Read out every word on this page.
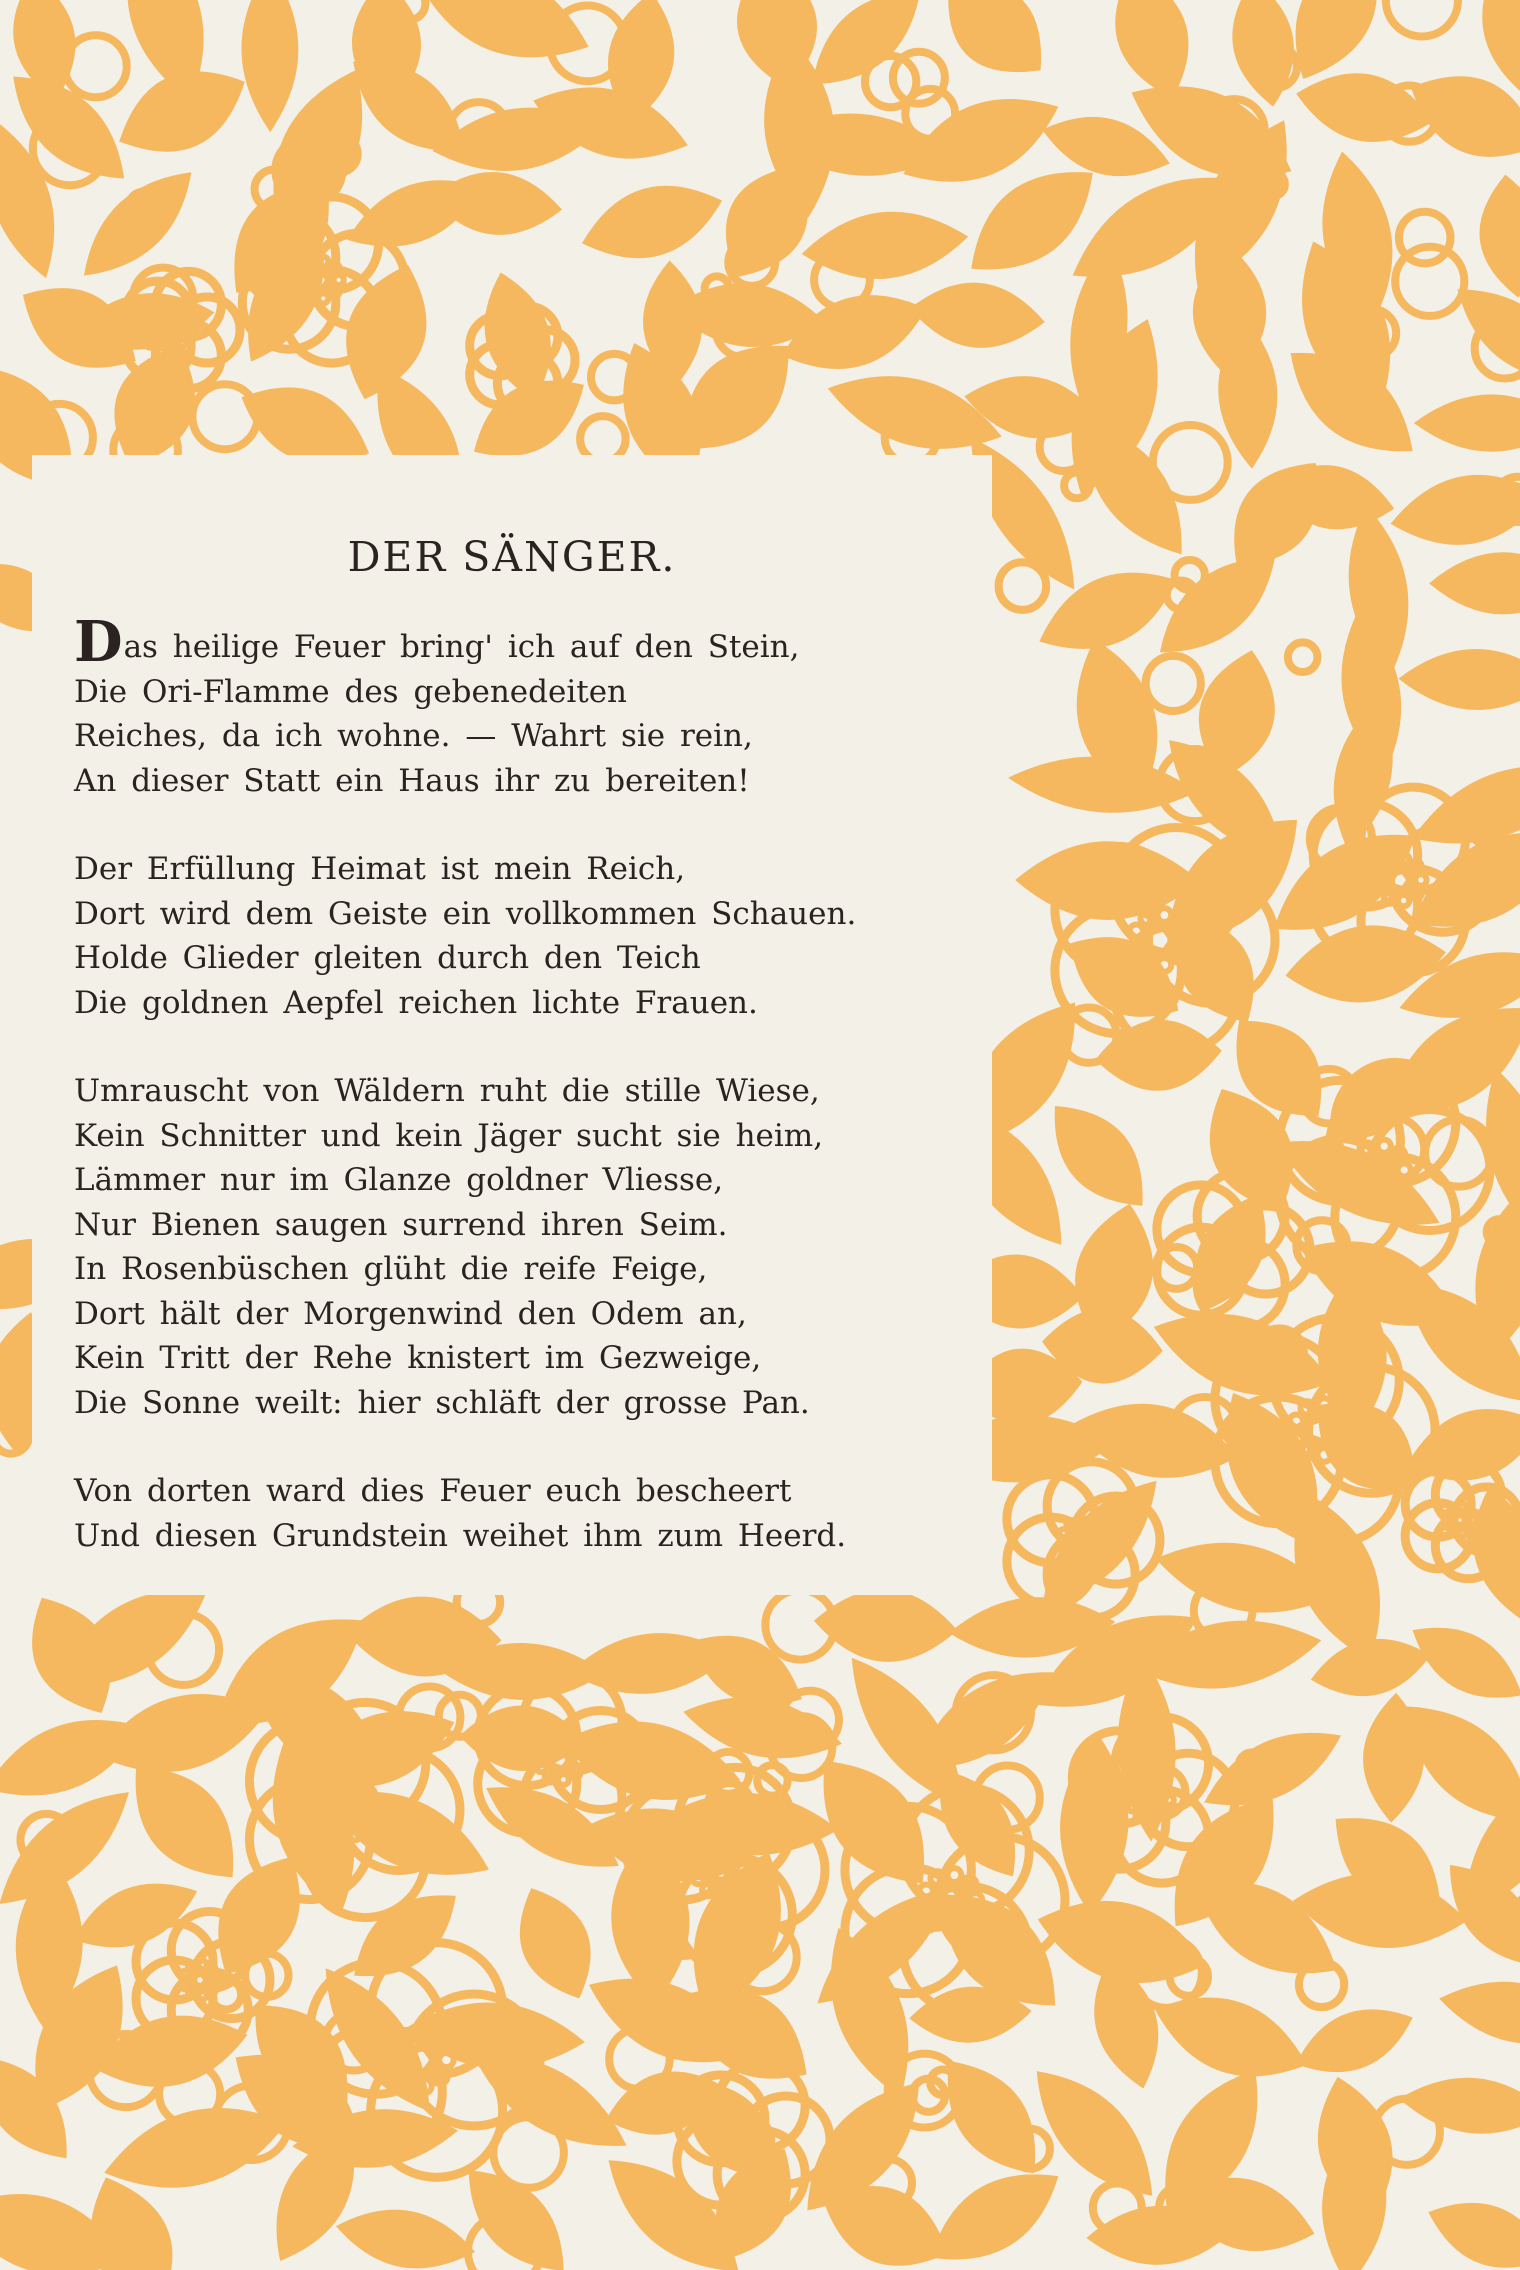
DER SÄNGER.
Das heilige Feuer bring' ich auf den Stein,
Die Ori-Flamme des gebenedeiten
Reiches, da ich wohne. — Wahrt sie rein,
An dieser Statt ein Haus ihr zu bereiten!
Der Erfüllung Heimat ist mein Reich,
Dort wird dem Geiste ein vollkommen Schauen.
Holde Glieder gleiten durch den Teich
Die goldnen Aepfel reichen lichte Frauen.
Umrauscht von Wäldern ruht die stille Wiese,
Kein Schnitter und kein Jäger sucht sie heim,
Lämmer nur im Glanze goldner Vliesse,
Nur Bienen saugen surrend ihren Seim.
In Rosenbüschen glüht die reife Feige,
Dort hält der Morgenwind den Odem an,
Kein Tritt der Rehe knistert im Gezweige,
Die Sonne weilt: hier schläft der grosse Pan.
Von dorten ward dies Feuer euch bescheert
Und diesen Grundstein weihet ihm zum Heerd.
